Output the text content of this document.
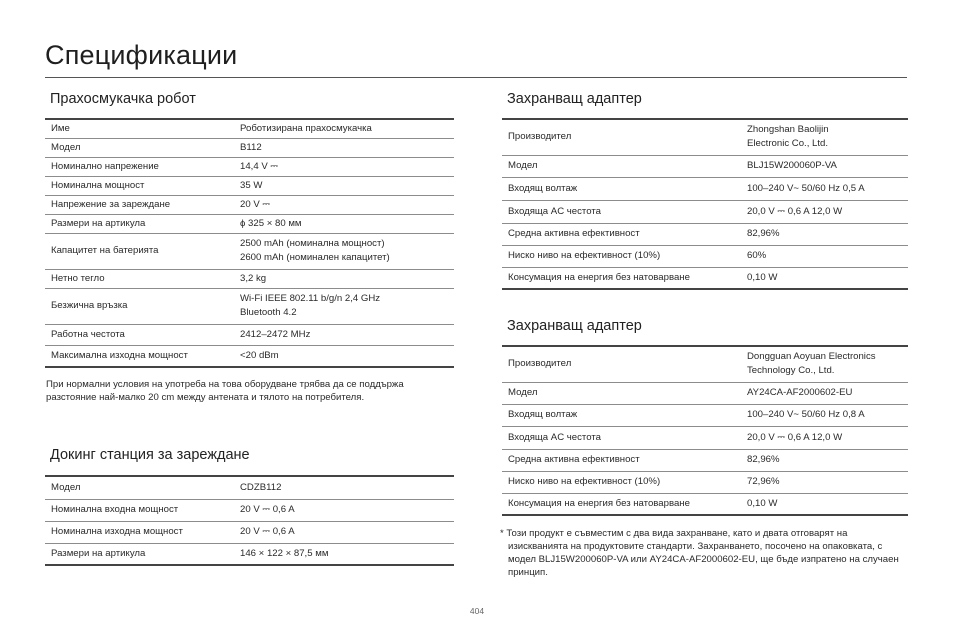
Спецификации
Прахосмукачка робот
Име	Роботизирана прахосмукачка

Модел	B112

Номинално напрежение	14,4 V ⎓

Номинална мощност	35 W

Напрежение за зареждане	20 V ⎓

Размери на артикула	ϕ 325 × 80 мм

Капацитет на батерията	2500 mAh (номинална мощност)
2600 mAh (номинален капацитет)

Нетно тегло	3,2 kg

Безжична връзка	Wi-Fi IEEE 802.11 b/g/n 2,4 GHz
Bluetooth 4.2

Работна честота	2412–2472 MHz

Максимална изходна мощност	<20 dBm
При нормални условия на употреба на това оборудване трябва да се поддържа разстояние най-малко 20 cm между антената и тялото на потребителя.
Докинг станция за зареждане
Модел	CDZB112

Номинална входна мощност	20 V ⎓ 0,6 A

Номинална изходна мощност	20 V ⎓ 0,6 A

Размери на артикула	146 × 122 × 87,5 мм
Захранващ адаптер
Производител	Zhongshan Baolijin
Electronic Co., Ltd.

Модел	BLJ15W200060P-VA

Входящ волтаж	100–240 V~ 50/60 Hz 0,5 A

Входяща AC честота	20,0 V ⎓ 0,6 A 12,0 W

Средна активна ефективност	82,96%

Ниско ниво на ефективност (10%)	60%

Консумация на енергия без натоварване	0,10 W
Захранващ адаптер
Производител	Dongguan Aoyuan Electronics
Technology Co., Ltd.

Модел	AY24CA-AF2000602-EU

Входящ волтаж	100–240 V~ 50/60 Hz 0,8 A

Входяща AC честота	20,0 V ⎓ 0,6 A 12,0 W

Средна активна ефективност	82,96%

Ниско ниво на ефективност (10%)	72,96%

Консумация на енергия без натоварване	0,10 W
* Този продукт е съвместим с два вида захранване, като и двата отговарят на изискванията на продуктовите стандарти. Захранването, посочено на опаковката, с модел BLJ15W200060P-VA или AY24CA-AF2000602-EU, ще бъде изпратено на случаен принцип.
404
